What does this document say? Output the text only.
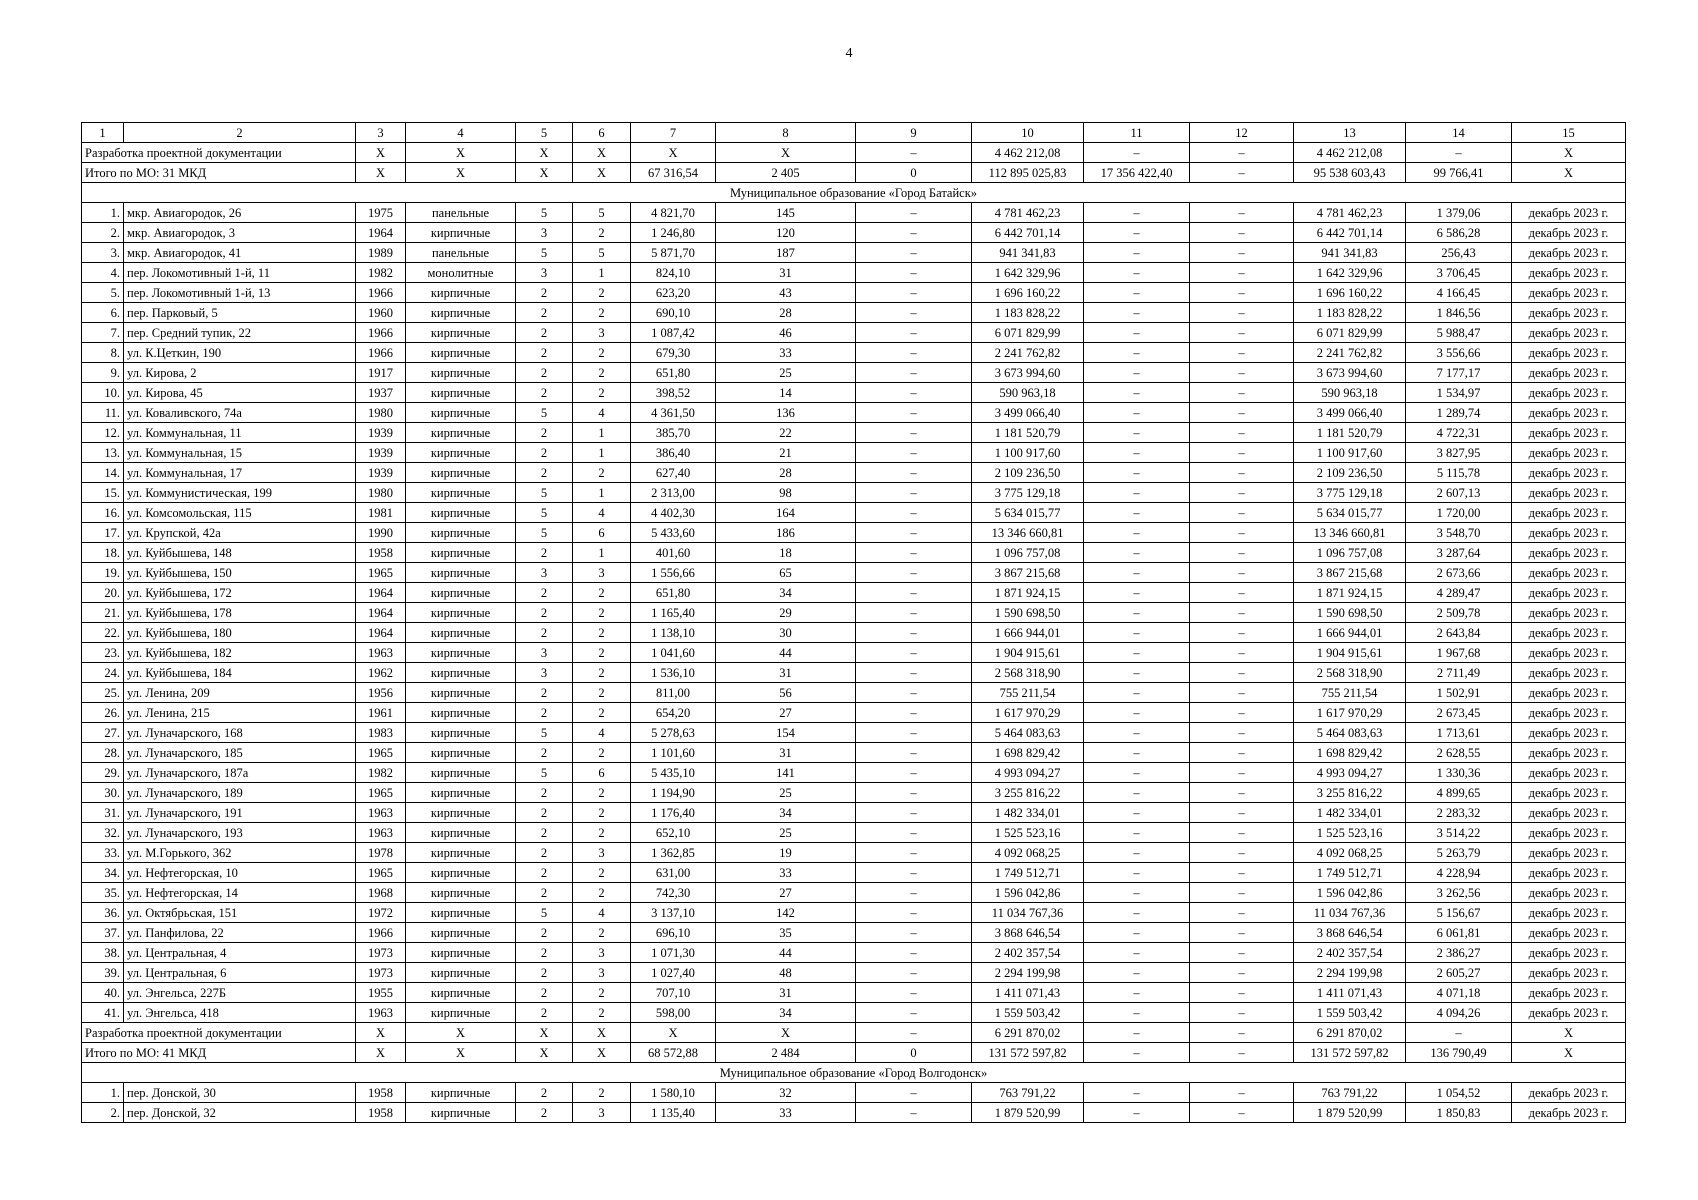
4
1	2	3	4	5	6	7	8	9	10	11	12	13	14	15
Разработка проектной документации		X	X	X	X	X	X	–	4 462 212,08	–	–	4 462 212,08	–	X
Итого по МО: 31 МКД		X	X	X	X	67 316,54	2 405	0	112 895 025,83	17 356 422,40	–	95 538 603,43	99 766,41	X
Муниципальное образование «Город Батайск»														
1.	мкр. Авиагородок, 26	1975	панельные	5	5	4 821,70	145	–	4 781 462,23	–	–	4 781 462,23	1 379,06	декабрь 2023 г.
2.	мкр. Авиагородок, 3	1964	кирпичные	3	2	1 246,80	120	–	6 442 701,14	–	–	6 442 701,14	6 586,28	декабрь 2023 г.
3.	мкр. Авиагородок, 41	1989	панельные	5	5	5 871,70	187	–	941 341,83	–	–	941 341,83	256,43	декабрь 2023 г.
4.	пер. Локомотивный 1-й, 11	1982	монолитные	3	1	824,10	31	–	1 642 329,96	–	–	1 642 329,96	3 706,45	декабрь 2023 г.
5.	пер. Локомотивный 1-й, 13	1966	кирпичные	2	2	623,20	43	–	1 696 160,22	–	–	1 696 160,22	4 166,45	декабрь 2023 г.
6.	пер. Парковый, 5	1960	кирпичные	2	2	690,10	28	–	1 183 828,22	–	–	1 183 828,22	1 846,56	декабрь 2023 г.
7.	пер. Средний тупик, 22	1966	кирпичные	2	3	1 087,42	46	–	6 071 829,99	–	–	6 071 829,99	5 988,47	декабрь 2023 г.
8.	ул. К.Цеткин, 190	1966	кирпичные	2	2	679,30	33	–	2 241 762,82	–	–	2 241 762,82	3 556,66	декабрь 2023 г.
9.	ул. Кирова, 2	1917	кирпичные	2	2	651,80	25	–	3 673 994,60	–	–	3 673 994,60	7 177,17	декабрь 2023 г.
10.	ул. Кирова, 45	1937	кирпичные	2	2	398,52	14	–	590 963,18	–	–	590 963,18	1 534,97	декабрь 2023 г.
11.	ул. Коваливского, 74а	1980	кирпичные	5	4	4 361,50	136	–	3 499 066,40	–	–	3 499 066,40	1 289,74	декабрь 2023 г.
12.	ул. Коммунальная, 11	1939	кирпичные	2	1	385,70	22	–	1 181 520,79	–	–	1 181 520,79	4 722,31	декабрь 2023 г.
13.	ул. Коммунальная, 15	1939	кирпичные	2	1	386,40	21	–	1 100 917,60	–	–	1 100 917,60	3 827,95	декабрь 2023 г.
14.	ул. Коммунальная, 17	1939	кирпичные	2	2	627,40	28	–	2 109 236,50	–	–	2 109 236,50	5 115,78	декабрь 2023 г.
15.	ул. Коммунистическая, 199	1980	кирпичные	5	1	2 313,00	98	–	3 775 129,18	–	–	3 775 129,18	2 607,13	декабрь 2023 г.
16.	ул. Комсомольская, 115	1981	кирпичные	5	4	4 402,30	164	–	5 634 015,77	–	–	5 634 015,77	1 720,00	декабрь 2023 г.
17.	ул. Крупской, 42а	1990	кирпичные	5	6	5 433,60	186	–	13 346 660,81	–	–	13 346 660,81	3 548,70	декабрь 2023 г.
18.	ул. Куйбышева, 148	1958	кирпичные	2	1	401,60	18	–	1 096 757,08	–	–	1 096 757,08	3 287,64	декабрь 2023 г.
19.	ул. Куйбышева, 150	1965	кирпичные	3	3	1 556,66	65	–	3 867 215,68	–	–	3 867 215,68	2 673,66	декабрь 2023 г.
20.	ул. Куйбышева, 172	1964	кирпичные	2	2	651,80	34	–	1 871 924,15	–	–	1 871 924,15	4 289,47	декабрь 2023 г.
21.	ул. Куйбышева, 178	1964	кирпичные	2	2	1 165,40	29	–	1 590 698,50	–	–	1 590 698,50	2 509,78	декабрь 2023 г.
22.	ул. Куйбышева, 180	1964	кирпичные	2	2	1 138,10	30	–	1 666 944,01	–	–	1 666 944,01	2 643,84	декабрь 2023 г.
23.	ул. Куйбышева, 182	1963	кирпичные	3	2	1 041,60	44	–	1 904 915,61	–	–	1 904 915,61	1 967,68	декабрь 2023 г.
24.	ул. Куйбышева, 184	1962	кирпичные	3	2	1 536,10	31	–	2 568 318,90	–	–	2 568 318,90	2 711,49	декабрь 2023 г.
25.	ул. Ленина, 209	1956	кирпичные	2	2	811,00	56	–	755 211,54	–	–	755 211,54	1 502,91	декабрь 2023 г.
26.	ул. Ленина, 215	1961	кирпичные	2	2	654,20	27	–	1 617 970,29	–	–	1 617 970,29	2 673,45	декабрь 2023 г.
27.	ул. Луначарского, 168	1983	кирпичные	5	4	5 278,63	154	–	5 464 083,63	–	–	5 464 083,63	1 713,61	декабрь 2023 г.
28.	ул. Луначарского, 185	1965	кирпичные	2	2	1 101,60	31	–	1 698 829,42	–	–	1 698 829,42	2 628,55	декабрь 2023 г.
29.	ул. Луначарского, 187а	1982	кирпичные	5	6	5 435,10	141	–	4 993 094,27	–	–	4 993 094,27	1 330,36	декабрь 2023 г.
30.	ул. Луначарского, 189	1965	кирпичные	2	2	1 194,90	25	–	3 255 816,22	–	–	3 255 816,22	4 899,65	декабрь 2023 г.
31.	ул. Луначарского, 191	1963	кирпичные	2	2	1 176,40	34	–	1 482 334,01	–	–	1 482 334,01	2 283,32	декабрь 2023 г.
32.	ул. Луначарского, 193	1963	кирпичные	2	2	652,10	25	–	1 525 523,16	–	–	1 525 523,16	3 514,22	декабрь 2023 г.
33.	ул. М.Горького, 362	1978	кирпичные	2	3	1 362,85	19	–	4 092 068,25	–	–	4 092 068,25	5 263,79	декабрь 2023 г.
34.	ул. Нефтегорская, 10	1965	кирпичные	2	2	631,00	33	–	1 749 512,71	–	–	1 749 512,71	4 228,94	декабрь 2023 г.
35.	ул. Нефтегорская, 14	1968	кирпичные	2	2	742,30	27	–	1 596 042,86	–	–	1 596 042,86	3 262,56	декабрь 2023 г.
36.	ул. Октябрьская, 151	1972	кирпичные	5	4	3 137,10	142	–	11 034 767,36	–	–	11 034 767,36	5 156,67	декабрь 2023 г.
37.	ул. Панфилова, 22	1966	кирпичные	2	2	696,10	35	–	3 868 646,54	–	–	3 868 646,54	6 061,81	декабрь 2023 г.
38.	ул. Центральная, 4	1973	кирпичные	2	3	1 071,30	44	–	2 402 357,54	–	–	2 402 357,54	2 386,27	декабрь 2023 г.
39.	ул. Центральная, 6	1973	кирпичные	2	3	1 027,40	48	–	2 294 199,98	–	–	2 294 199,98	2 605,27	декабрь 2023 г.
40.	ул. Энгельса, 227Б	1955	кирпичные	2	2	707,10	31	–	1 411 071,43	–	–	1 411 071,43	4 071,18	декабрь 2023 г.
41.	ул. Энгельса, 418	1963	кирпичные	2	2	598,00	34	–	1 559 503,42	–	–	1 559 503,42	4 094,26	декабрь 2023 г.
Разработка проектной документации		X	X	X	X	X	X	–	6 291 870,02	–	–	6 291 870,02	–	X
Итого по МО: 41 МКД		X	X	X	X	68 572,88	2 484	0	131 572 597,82	–	–	131 572 597,82	136 790,49	X
Муниципальное образование «Город Волгодонск»														
1.	пер. Донской, 30	1958	кирпичные	2	2	1 580,10	32	–	763 791,22	–	–	763 791,22	1 054,52	декабрь 2023 г.
2.	пер. Донской, 32	1958	кирпичные	2	3	1 135,40	33	–	1 879 520,99	–	–	1 879 520,99	1 850,83	декабрь 2023 г.
